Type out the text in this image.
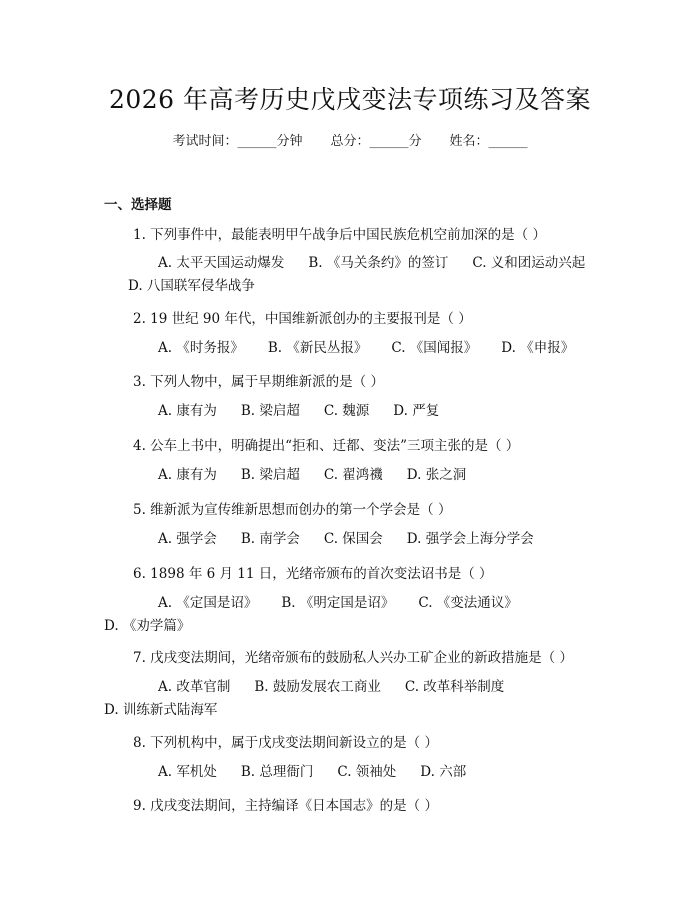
2026 年高考历史戊戌变法专项练习及答案
考试时间：______分钟 总分：______分 姓名：______
一、选择题
1. 下列事件中，最能表明甲午战争后中国民族危机空前加深的是（ ）
A. 太平天国运动爆发 B. 《马关条约》的签订 C. 义和团运动兴起D. 八国联军侵华战争
2. 19 世纪 90 年代，中国维新派创办的主要报刊是（ ）
A. 《时务报》 B. 《新民丛报》 C. 《国闻报》 D. 《申报》
3. 下列人物中，属于早期维新派的是（ ）
A. 康有为 B. 梁启超 C. 魏源 D. 严复
4. 公车上书中，明确提出“拒和、迁都、变法”三项主张的是（ ）
A. 康有为 B. 梁启超 C. 翟鸿禨 D. 张之洞
5. 维新派为宣传维新思想而创办的第一个学会是（ ）
A. 强学会 B. 南学会 C. 保国会 D. 强学会上海分学会
6. 1898 年 6 月 11 日，光绪帝颁布的首次变法诏书是（ ）
A. 《定国是诏》 B. 《明定国是诏》 C. 《变法通议》D. 《劝学篇》
7. 戊戌变法期间，光绪帝颁布的鼓励私人兴办工矿企业的新政措施是（ ）
A. 改革官制 B. 鼓励发展农工商业 C. 改革科举制度D. 训练新式陆海军
8. 下列机构中，属于戊戌变法期间新设立的是（ ）
A. 军机处 B. 总理衙门 C. 领袖处 D. 六部
9. 戊戌变法期间，主持编译《日本国志》的是（ ）
